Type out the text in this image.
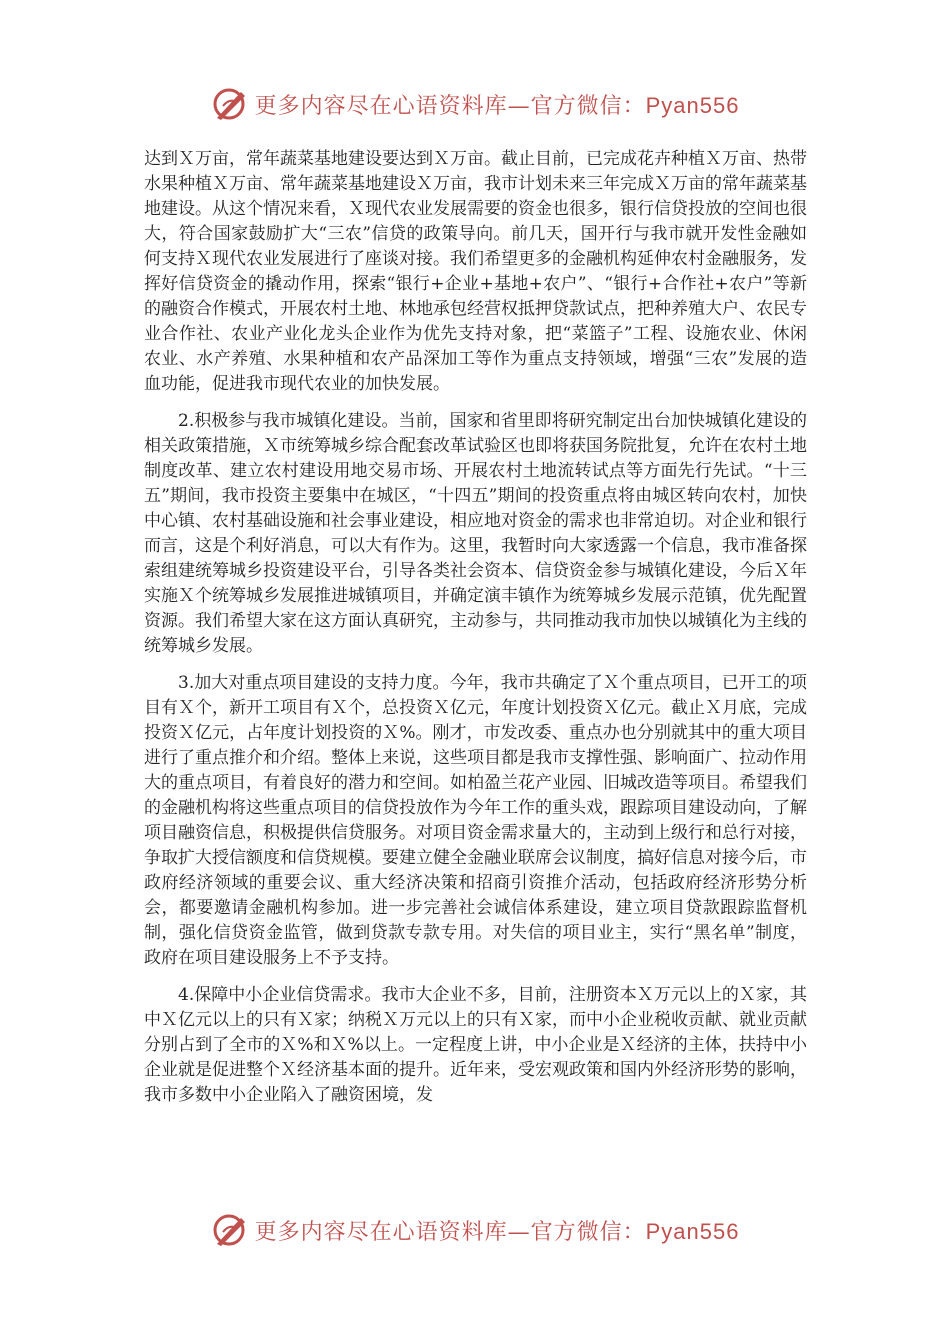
更多内容尽在心语资料库—官方微信：Pyan556

达到Ｘ万亩，常年蔬菜基地建设要达到Ｘ万亩。截止目前，已完成花卉种植Ｘ万亩、热带水果种植Ｘ万亩、常年蔬菜基地建设Ｘ万亩，我市计划未来三年完成Ｘ万亩的常年蔬菜基地建设。从这个情况来看，Ｘ现代农业发展需要的资金也很多，银行信贷投放的空间也很大，符合国家鼓励扩大“三农”信贷的政策导向。前几天，国开行与我市就开发性金融如何支持Ｘ现代农业发展进行了座谈对接。我们希望更多的金融机构延伸农村金融服务，发挥好信贷资金的撬动作用，探索“银行+企业+基地+农户”、“银行+合作社+农户”等新的融资合作模式，开展农村土地、林地承包经营权抵押贷款试点，把种养殖大户、农民专业合作社、农业产业化龙头企业作为优先支持对象，把“菜篮子”工程、设施农业、休闲农业、水产养殖、水果种植和农产品深加工等作为重点支持领域，增强“三农”发展的造血功能，促进我市现代农业的加快发展。

2.积极参与我市城镇化建设。当前，国家和省里即将研究制定出台加快城镇化建设的相关政策措施，Ｘ市统筹城乡综合配套改革试验区也即将获国务院批复，允许在农村土地制度改革、建立农村建设用地交易市场、开展农村土地流转试点等方面先行先试。“十三五”期间，我市投资主要集中在城区，“十四五”期间的投资重点将由城区转向农村，加快中心镇、农村基础设施和社会事业建设，相应地对资金的需求也非常迫切。对企业和银行而言，这是个利好消息，可以大有作为。这里，我暂时向大家透露一个信息，我市准备探索组建统筹城乡投资建设平台，引导各类社会资本、信贷资金参与城镇化建设，今后Ｘ年实施Ｘ个统筹城乡发展推进城镇项目，并确定演丰镇作为统筹城乡发展示范镇，优先配置资源。我们希望大家在这方面认真研究，主动参与，共同推动我市加快以城镇化为主线的统筹城乡发展。

3.加大对重点项目建设的支持力度。今年，我市共确定了Ｘ个重点项目，已开工的项目有Ｘ个，新开工项目有Ｘ个，总投资Ｘ亿元，年度计划投资Ｘ亿元。截止Ｘ月底，完成投资Ｘ亿元，占年度计划投资的Ｘ%。刚才，市发改委、重点办也分别就其中的重大项目进行了重点推介和介绍。整体上来说，这些项目都是我市支撑性强、影响面广、拉动作用大的重点项目，有着良好的潜力和空间。如柏盈兰花产业园、旧城改造等项目。希望我们的金融机构将这些重点项目的信贷投放作为今年工作的重头戏，跟踪项目建设动向，了解项目融资信息，积极提供信贷服务。对项目资金需求量大的，主动到上级行和总行对接，争取扩大授信额度和信贷规模。要建立健全金融业联席会议制度，搞好信息对接今后，市政府经济领域的重要会议、重大经济决策和招商引资推介活动，包括政府经济形势分析会，都要邀请金融机构参加。进一步完善社会诚信体系建设，建立项目贷款跟踪监督机制，强化信贷资金监管，做到贷款专款专用。对失信的项目业主，实行“黑名单”制度，政府在项目建设服务上不予支持。

4.保障中小企业信贷需求。我市大企业不多，目前，注册资本Ｘ万元以上的Ｘ家，其中Ｘ亿元以上的只有Ｘ家；纳税Ｘ万元以上的只有Ｘ家，而中小企业税收贡献、就业贡献分别占到了全市的Ｘ%和Ｘ%以上。一定程度上讲，中小企业是Ｘ经济的主体，扶持中小企业就是促进整个Ｘ经济基本面的提升。近年来，受宏观政策和国内外经济形势的影响，我市多数中小企业陷入了融资困境，发

更多内容尽在心语资料库—官方微信：Pyan556
